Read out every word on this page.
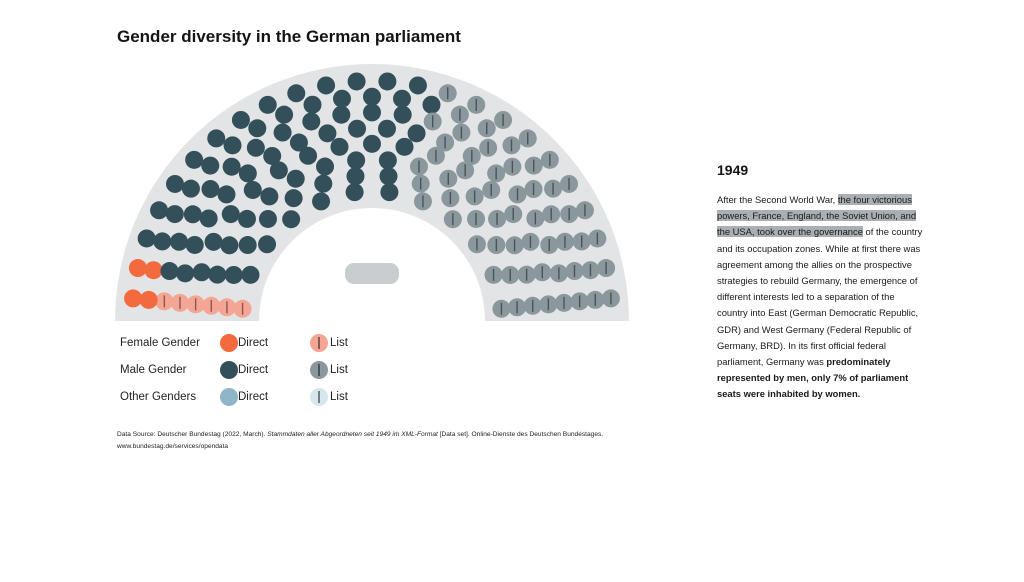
Gender diversity in the German parliament
Female Gender	Direct	List
Male Gender	Direct	List
Other Genders	Direct	List
Data Source: Deutscher Bundestag (2022, March). Stammdaten aller Abgeordneten seit 1949 im XML-Format [Data set]. Online-Dienste des Deutschen Bundestages.
www.bundestag.de/services/opendata
1949

After the Second World War, the four victorious powers, France, England, the Soviet Union, and the USA, took over the governance of the country and its occupation zones. While at first there was agreement among the allies on the prospective strategies to rebuild Germany, the emergence of different interests led to a separation of the country into East (German Democratic Republic, GDR) and West Germany (Federal Republic of Germany, BRD). In its first official federal parliament, Germany was predominately represented by men, only 7% of parliament seats were inhabited by women.
